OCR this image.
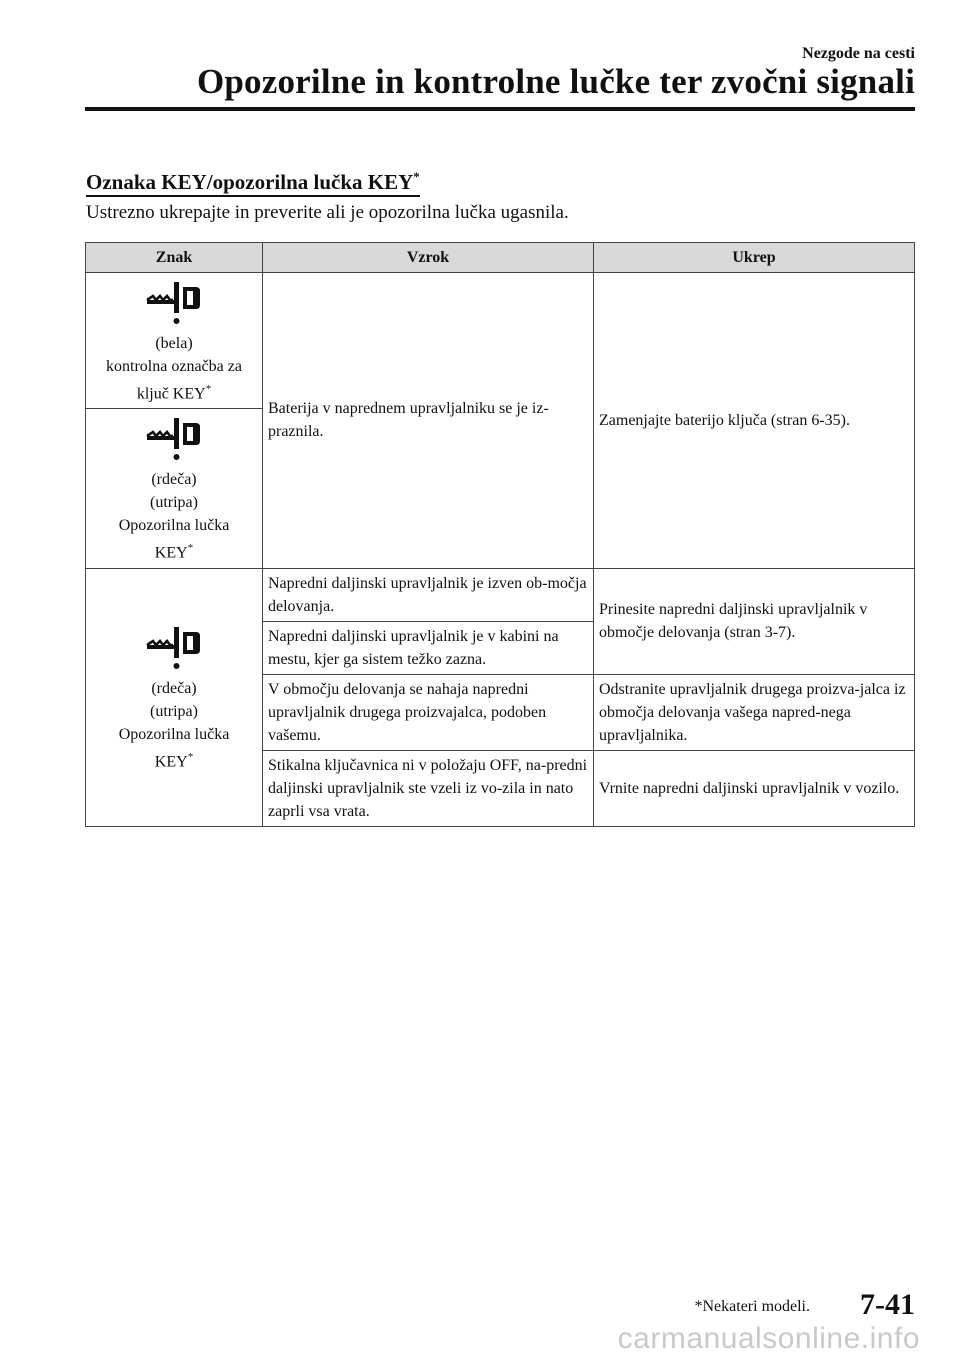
Nezgode na cesti
Opozorilne in kontrolne lučke ter zvočni signali
Oznaka KEY/opozorilna lučka KEY*
Ustrezno ukrepajte in preverite ali je opozorilna lučka ugasnila.
Znak	Vzrok	Ukrep

(bela)
kontrolna označba za
ključ KEY*	Baterija v naprednem upravljalniku se je iz-praznila.	Zamenjajte baterijo ključa (stran 6-35).

(rdeča)
(utripa)
Opozorilna lučka
KEY*

(rdeča)
(utripa)
Opozorilna lučka
KEY*	Napredni daljinski upravljalnik je izven ob-močja delovanja.	Prinesite napredni daljinski upravljalnik v območje delovanja (stran 3-7).
	Napredni daljinski upravljalnik je v kabini na mestu, kjer ga sistem težko zazna.	
	V območju delovanja se nahaja napredni upravljalnik drugega proizvajalca, podoben vašemu.	Odstranite upravljalnik drugega proizva-jalca iz območja delovanja vašega napred-nega upravljalnika.
	Stikalna ključavnica ni v položaju OFF, na-predni daljinski upravljalnik ste vzeli iz vo-zila in nato zaprli vsa vrata.	Vrnite napredni daljinski upravljalnik v vozilo.
*Nekateri modeli. 7-41
carmanualsonline.info
